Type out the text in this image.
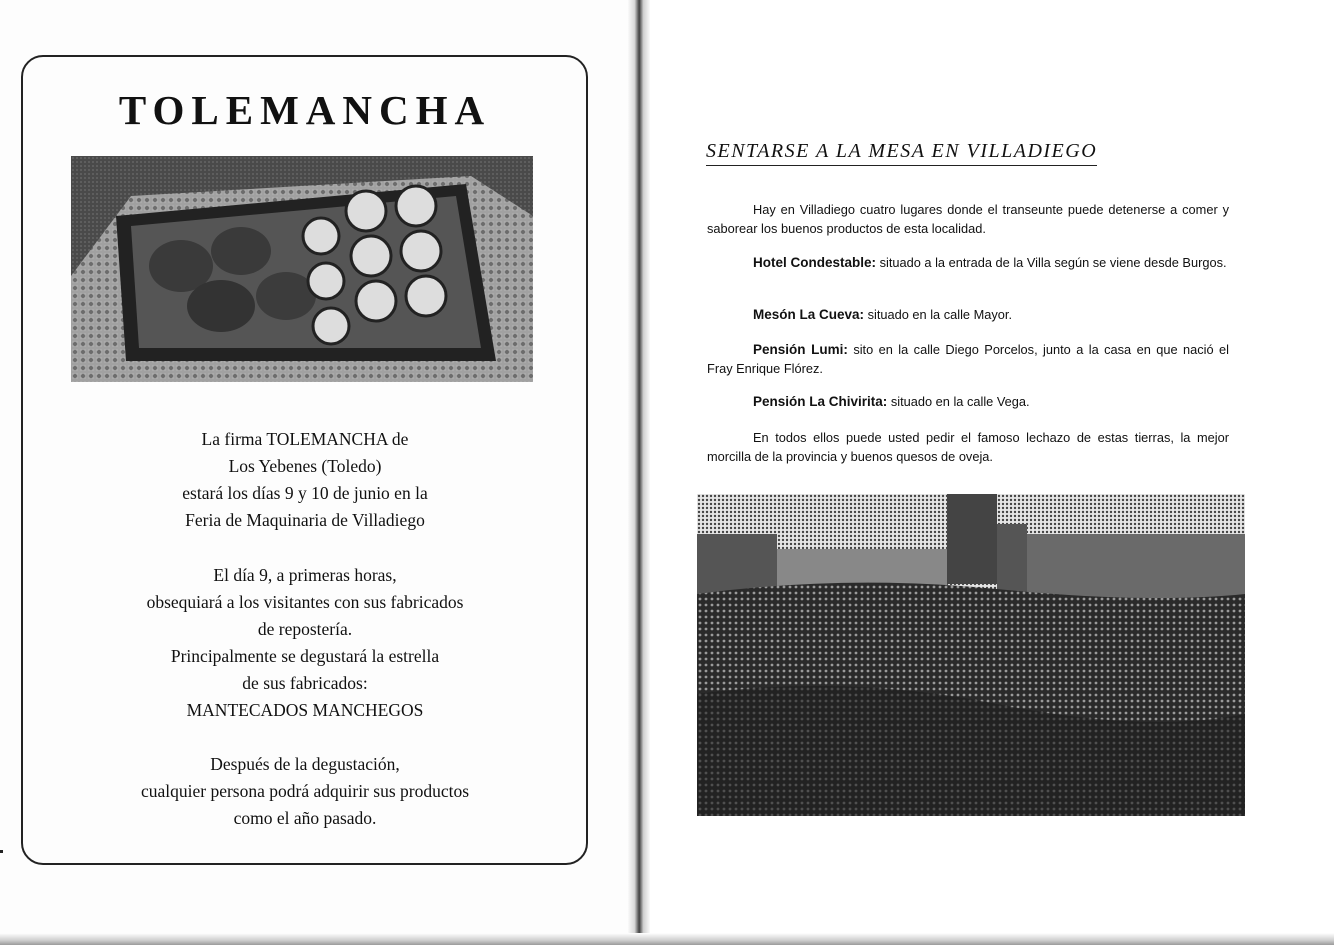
TOLEMANCHA
La firma TOLEMANCHA de
Los Yebenes (Toledo)
estará los días 9 y 10 de junio en la
Feria de Maquinaria de Villadiego
El día 9, a primeras horas,
obsequiará a los visitantes con sus fabricados
de repostería.
Principalmente se degustará la estrella
de sus fabricados:
MANTECADOS MANCHEGOS
Después de la degustación,
cualquier persona podrá adquirir sus productos
como el año pasado.
SENTARSE A LA MESA EN VILLADIEGO
Hay en Villadiego cuatro lugares donde el transeunte puede detenerse a comer y saborear los buenos productos de esta localidad.
Hotel Condestable: situado a la entrada de la Villa según se viene desde Burgos.
Mesón La Cueva: situado en la calle Mayor.
Pensión Lumi: sito en la calle Diego Porcelos, junto a la casa en que nació el Fray Enrique Flórez.
Pensión La Chivirita: situado en la calle Vega.
En todos ellos puede usted pedir el famoso lechazo de estas tierras, la mejor morcilla de la provincia y buenos quesos de oveja.
